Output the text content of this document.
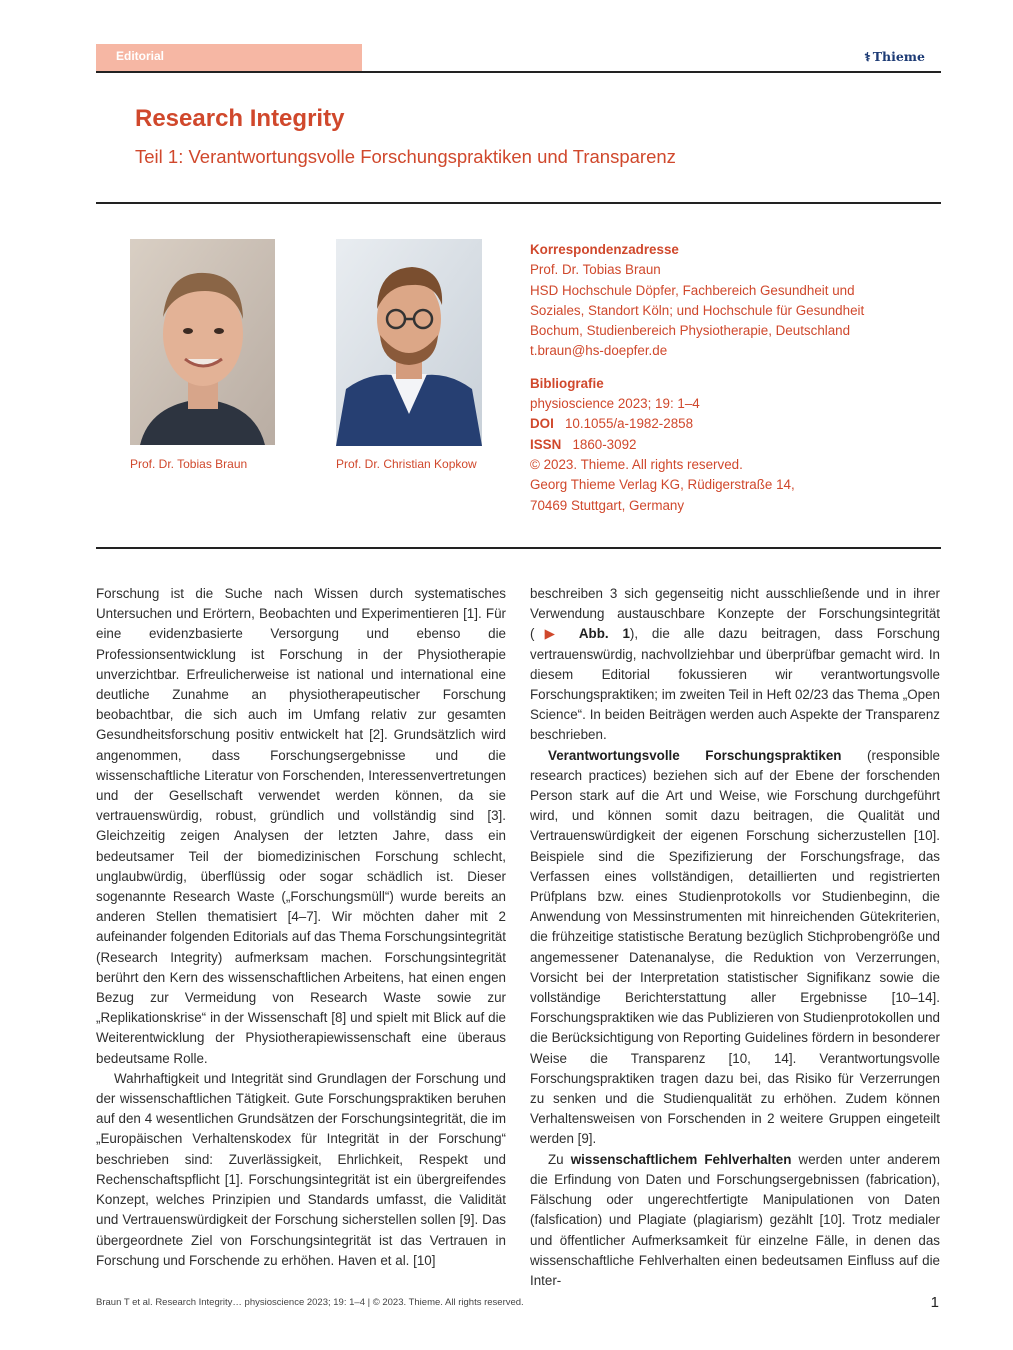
Editorial	⚕ Thieme
Research Integrity
Teil 1: Verantwortungsvolle Forschungspraktiken und Transparenz
Prof. Dr. Tobias Braun	Prof. Dr. Christian Kopkow
Korrespondenzadresse
Prof. Dr. Tobias Braun
HSD Hochschule Döpfer, Fachbereich Gesundheit und
Soziales, Standort Köln; und Hochschule für Gesundheit
Bochum, Studienbereich Physiotherapie, Deutschland
t.braun@hs-doepfer.de
Bibliografie
physioscience 2023; 19: 1–4
DOI 10.1055/a-1982-2858
ISSN 1860-3092
© 2023. Thieme. All rights reserved.
Georg Thieme Verlag KG, Rüdigerstraße 14,
70469 Stuttgart, Germany

Forschung ist die Suche nach Wissen durch systematisches Untersuchen und Erörtern, Beobachten und Experimentieren [1]. Für eine evidenzbasierte Versorgung und ebenso die Professionsentwicklung ist Forschung in der Physiotherapie unverzichtbar. Erfreulicherweise ist national und international eine deutliche Zunahme an physiotherapeutischer Forschung beobachtbar, die sich auch im Umfang relativ zur gesamten Gesundheitsforschung positiv entwickelt hat [2]. Grundsätzlich wird angenommen, dass Forschungsergebnisse und die wissenschaftliche Literatur von Forschenden, Interessenvertretungen und der Gesellschaft verwendet werden können, da sie vertrauenswürdig, robust, gründlich und vollständig sind [3]. Gleichzeitig zeigen Analysen der letzten Jahre, dass ein bedeutsamer Teil der biomedizinischen Forschung schlecht, unglaubwürdig, überflüssig oder sogar schädlich ist. Dieser sogenannte Research Waste („Forschungsmüll“) wurde bereits an anderen Stellen thematisiert [4–7]. Wir möchten daher mit 2 aufeinander folgenden Editorials auf das Thema Forschungsintegrität (Research Integrity) aufmerksam machen. Forschungsintegrität berührt den Kern des wissenschaftlichen Arbeitens, hat einen engen Bezug zur Vermeidung von Research Waste sowie zur „Replikationskrise“ in der Wissenschaft [8] und spielt mit Blick auf die Weiterentwicklung der Physiotherapiewissenschaft eine überaus bedeutsame Rolle.

Wahrhaftigkeit und Integrität sind Grundlagen der Forschung und der wissenschaftlichen Tätigkeit. Gute Forschungspraktiken beruhen auf den 4 wesentlichen Grundsätzen der Forschungsintegrität, die im „Europäischen Verhaltenskodex für Integrität in der Forschung“ beschrieben sind: Zuverlässigkeit, Ehrlichkeit, Respekt und Rechenschaftspflicht [1]. Forschungsintegrität ist ein übergreifendes Konzept, welches Prinzipien und Standards umfasst, die Validität und Vertrauenswürdigkeit der Forschung sicherstellen sollen [9]. Das übergeordnete Ziel von Forschungsintegrität ist das Vertrauen in Forschung und Forschende zu erhöhen. Haven et al. [10]

beschreiben 3 sich gegenseitig nicht ausschließende und in ihrer Verwendung austauschbare Konzepte der Forschungsintegrität (▶ Abb. 1), die alle dazu beitragen, dass Forschung vertrauenswürdig, nachvollziehbar und überprüfbar gemacht wird. In diesem Editorial fokussieren wir verantwortungsvolle Forschungspraktiken; im zweiten Teil in Heft 02/23 das Thema „Open Science“. In beiden Beiträgen werden auch Aspekte der Transparenz beschrieben.

Verantwortungsvolle Forschungspraktiken (responsible research practices) beziehen sich auf der Ebene der forschenden Person stark auf die Art und Weise, wie Forschung durchgeführt wird, und können somit dazu beitragen, die Qualität und Vertrauenswürdigkeit der eigenen Forschung sicherzustellen [10]. Beispiele sind die Spezifizierung der Forschungsfrage, das Verfassen eines vollständigen, detaillierten und registrierten Prüfplans bzw. eines Studienprotokolls vor Studienbeginn, die Anwendung von Messinstrumenten mit hinreichenden Gütekriterien, die frühzeitige statistische Beratung bezüglich Stichprobengröße und angemessener Datenanalyse, die Reduktion von Verzerrungen, Vorsicht bei der Interpretation statistischer Signifikanz sowie die vollständige Berichterstattung aller Ergebnisse [10–14]. Forschungspraktiken wie das Publizieren von Studienprotokollen und die Berücksichtigung von Reporting Guidelines fördern in besonderer Weise die Transparenz [10, 14]. Verantwortungsvolle Forschungspraktiken tragen dazu bei, das Risiko für Verzerrungen zu senken und die Studienqualität zu erhöhen. Zudem können Verhaltensweisen von Forschenden in 2 weitere Gruppen eingeteilt werden [9].

Zu wissenschaftlichem Fehlverhalten werden unter anderem die Erfindung von Daten und Forschungsergebnissen (fabrication), Fälschung oder ungerechtfertigte Manipulationen von Daten (falsfication) und Plagiate (plagiarism) gezählt [10]. Trotz medialer und öffentlicher Aufmerksamkeit für einzelne Fälle, in denen das wissenschaftliche Fehlverhalten einen bedeutsamen Einfluss auf die Inter-

Braun T et al. Research Integrity… physioscience 2023; 19: 1–4 | © 2023. Thieme. All rights reserved.	1
